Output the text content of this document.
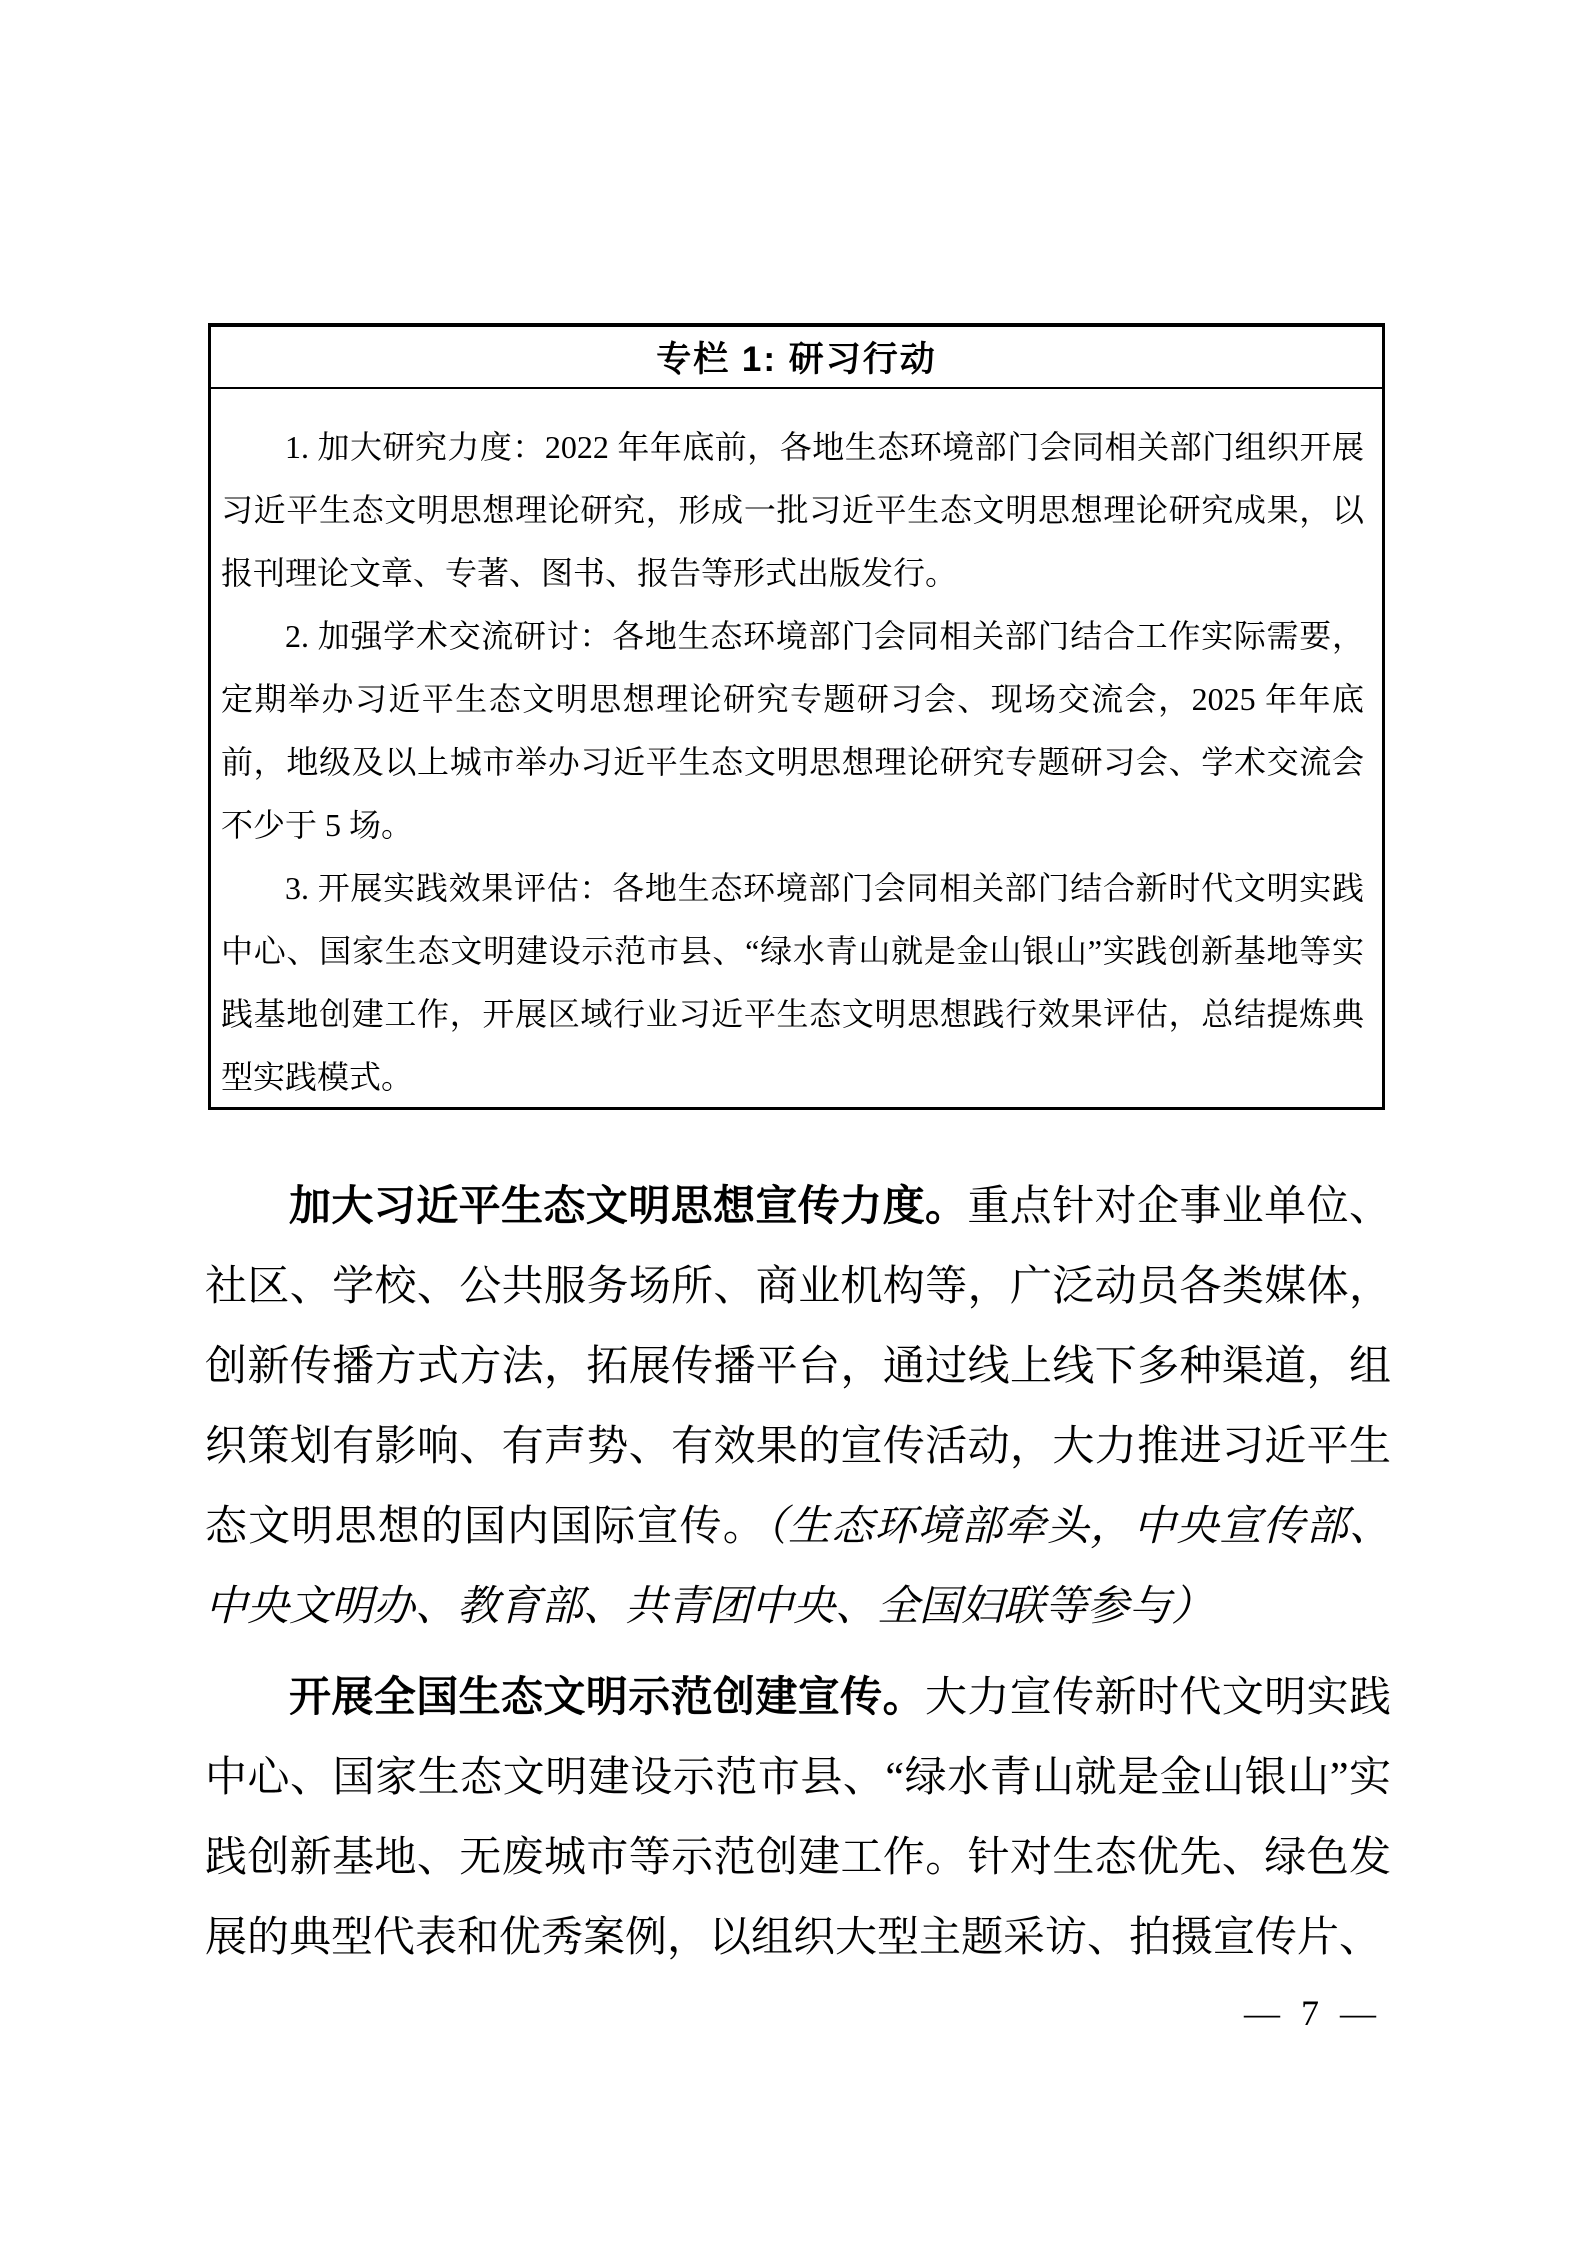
专栏 1: 研习行动

1. 加大研究力度：2022 年年底前，各地生态环境部门会同相关部门组织开展习近平生态文明思想理论研究，形成一批习近平生态文明思想理论研究成果，以报刊理论文章、专著、图书、报告等形式出版发行。

2. 加强学术交流研讨：各地生态环境部门会同相关部门结合工作实际需要，定期举办习近平生态文明思想理论研究专题研习会、现场交流会，2025 年年底前，地级及以上城市举办习近平生态文明思想理论研究专题研习会、学术交流会不少于 5 场。

3. 开展实践效果评估：各地生态环境部门会同相关部门结合新时代文明实践中心、国家生态文明建设示范市县、“绿水青山就是金山银山”实践创新基地等实践基地创建工作，开展区域行业习近平生态文明思想践行效果评估，总结提炼典型实践模式。

加大习近平生态文明思想宣传力度。重点针对企事业单位、社区、学校、公共服务场所、商业机构等，广泛动员各类媒体，创新传播方式方法，拓展传播平台，通过线上线下多种渠道，组织策划有影响、有声势、有效果的宣传活动，大力推进习近平生态文明思想的国内国际宣传。（生态环境部牵头，中央宣传部、中央文明办、教育部、共青团中央、全国妇联等参与）

开展全国生态文明示范创建宣传。大力宣传新时代文明实践中心、国家生态文明建设示范市县、“绿水青山就是金山银山”实践创新基地、无废城市等示范创建工作。针对生态优先、绿色发展的典型代表和优秀案例，以组织大型主题采访、拍摄宣传片、

— 7 —
